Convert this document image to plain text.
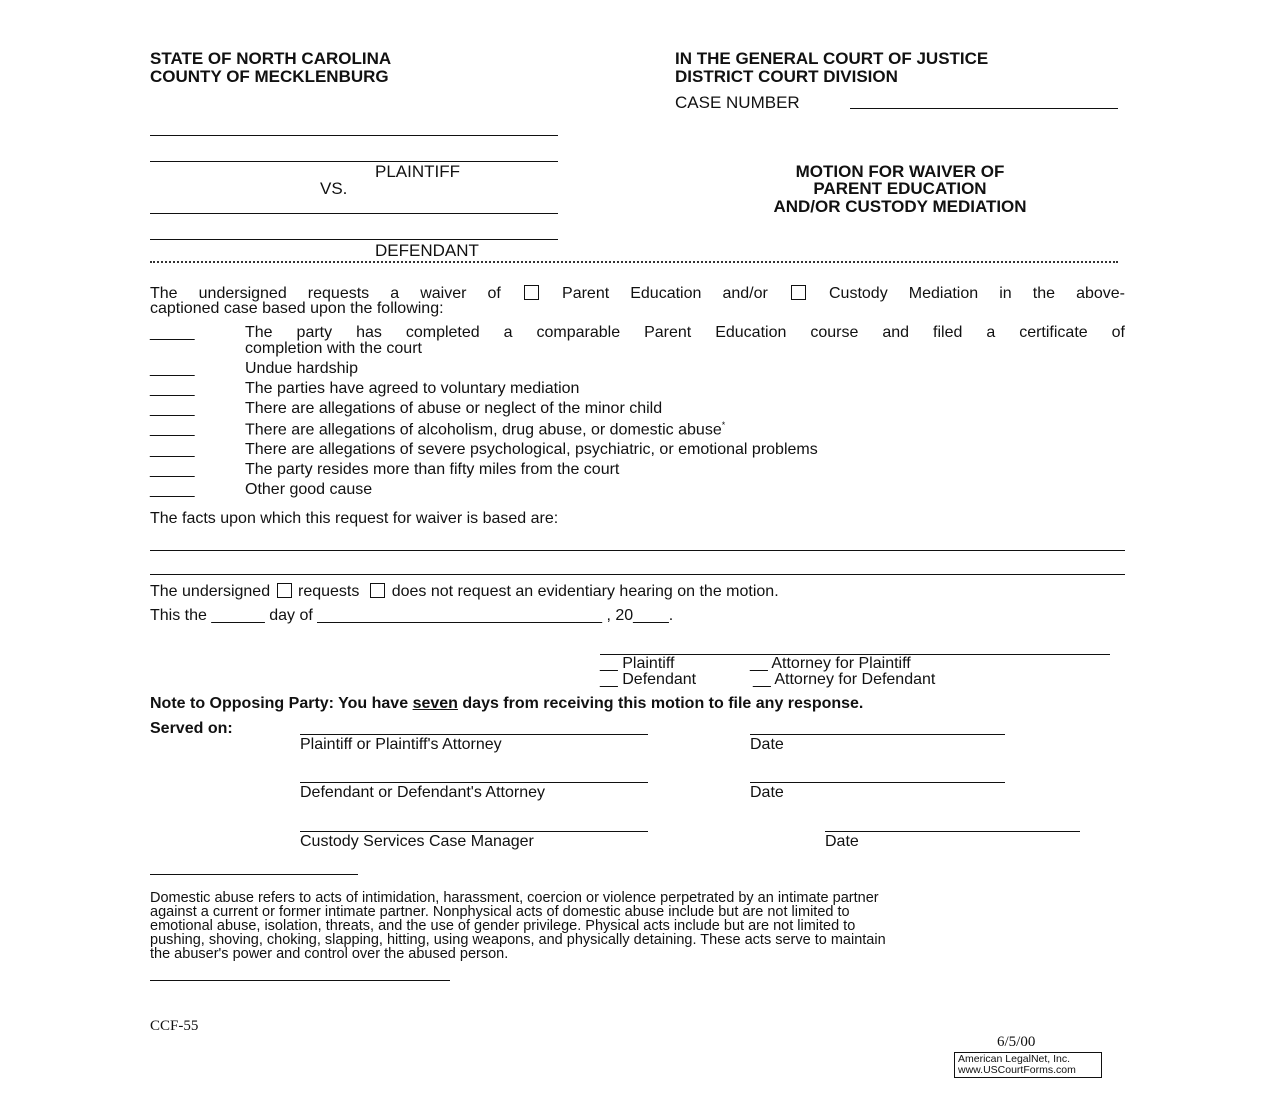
STATE OF NORTH CAROLINA
COUNTY OF MECKLENBURG
IN THE GENERAL COURT OF JUSTICE
DISTRICT COURT DIVISION
CASE NUMBER
PLAINTIFF
VS.
DEFENDANT
MOTION FOR WAIVER OF
PARENT EDUCATION
AND/OR CUSTODY MEDIATION
The undersigned requests a waiver of	Parent Education and/or	Custody Mediation in the above-
captioned case based upon the following:
_____	The party has completed a comparable Parent Education course and filed a certificate of
completion with the court
_____	Undue hardship
_____	The parties have agreed to voluntary mediation
_____	There are allegations of abuse or neglect of the minor child
_____	There are allegations of alcoholism, drug abuse, or domestic abuse*
_____	There are allegations of severe psychological, psychiatric, or emotional problems
_____	The party resides more than fifty miles from the court
_____	Other good cause
The facts upon which this request for waiver is based are:
The undersigned requests does not request an evidentiary hearing on the motion.
This the ______ day of ________________________________ , 20____.
__ Plaintiff	__ Attorney for Plaintiff
__ Defendant	__ Attorney for Defendant
Note to Opposing Party: You have seven days from receiving this motion to file any response.
Served on:
Plaintiff or Plaintiff's Attorney	Date
Defendant or Defendant's Attorney	Date
Custody Services Case Manager	Date
Domestic abuse refers to acts of intimidation, harassment, coercion or violence perpetrated by an intimate partner
against a current or former intimate partner. Nonphysical acts of domestic abuse include but are not limited to
emotional abuse, isolation, threats, and the use of gender privilege. Physical acts include but are not limited to
pushing, shoving, choking, slapping, hitting, using weapons, and physically detaining. These acts serve to maintain
the abuser's power and control over the abused person.
CCF-55
6/5/00
American LegalNet, Inc.
www.USCourtForms.com
